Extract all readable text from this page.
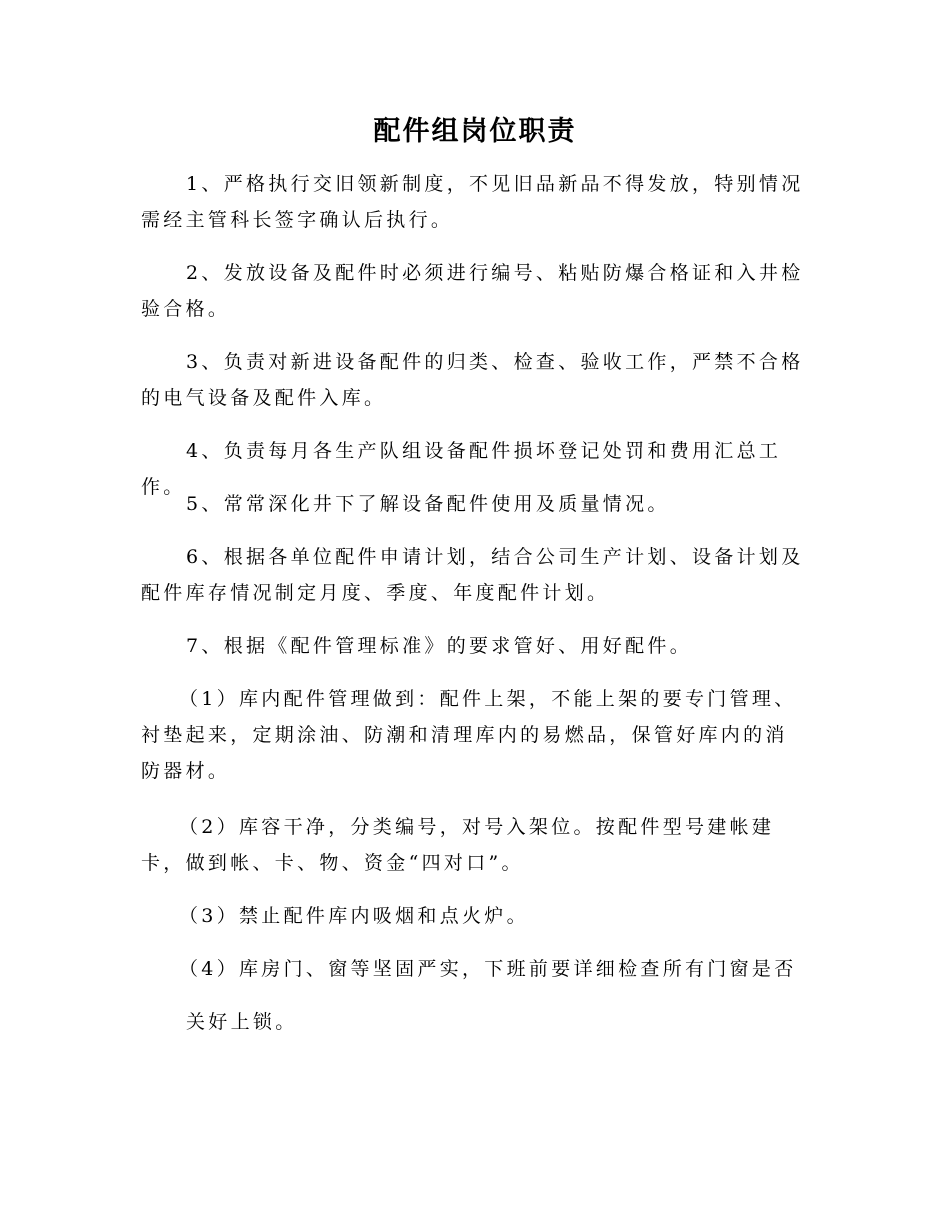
配件组岗位职责

1、严格执行交旧领新制度，不见旧品新品不得发放，特别情况需经主管科长签字确认后执行。

2、发放设备及配件时必须进行编号、粘贴防爆合格证和入井检验合格。

3、负责对新进设备配件的归类、检查、验收工作，严禁不合格的电气设备及配件入库。

4、负责每月各生产队组设备配件损坏登记处罚和费用汇总工作。

5、常常深化井下了解设备配件使用及质量情况。

6、根据各单位配件申请计划，结合公司生产计划、设备计划及配件库存情况制定月度、季度、年度配件计划。

7、根据《配件管理标准》的要求管好、用好配件。

（1）库内配件管理做到：配件上架，不能上架的要专门管理、衬垫起来，定期涂油、防潮和清理库内的易燃品，保管好库内的消防器材。

（2）库容干净，分类编号，对号入架位。按配件型号建帐建卡，做到帐、卡、物、资金“四对口”。

（3）禁止配件库内吸烟和点火炉。

（4）库房门、窗等坚固严实，下班前要详细检查所有门窗是否

关好上锁。
